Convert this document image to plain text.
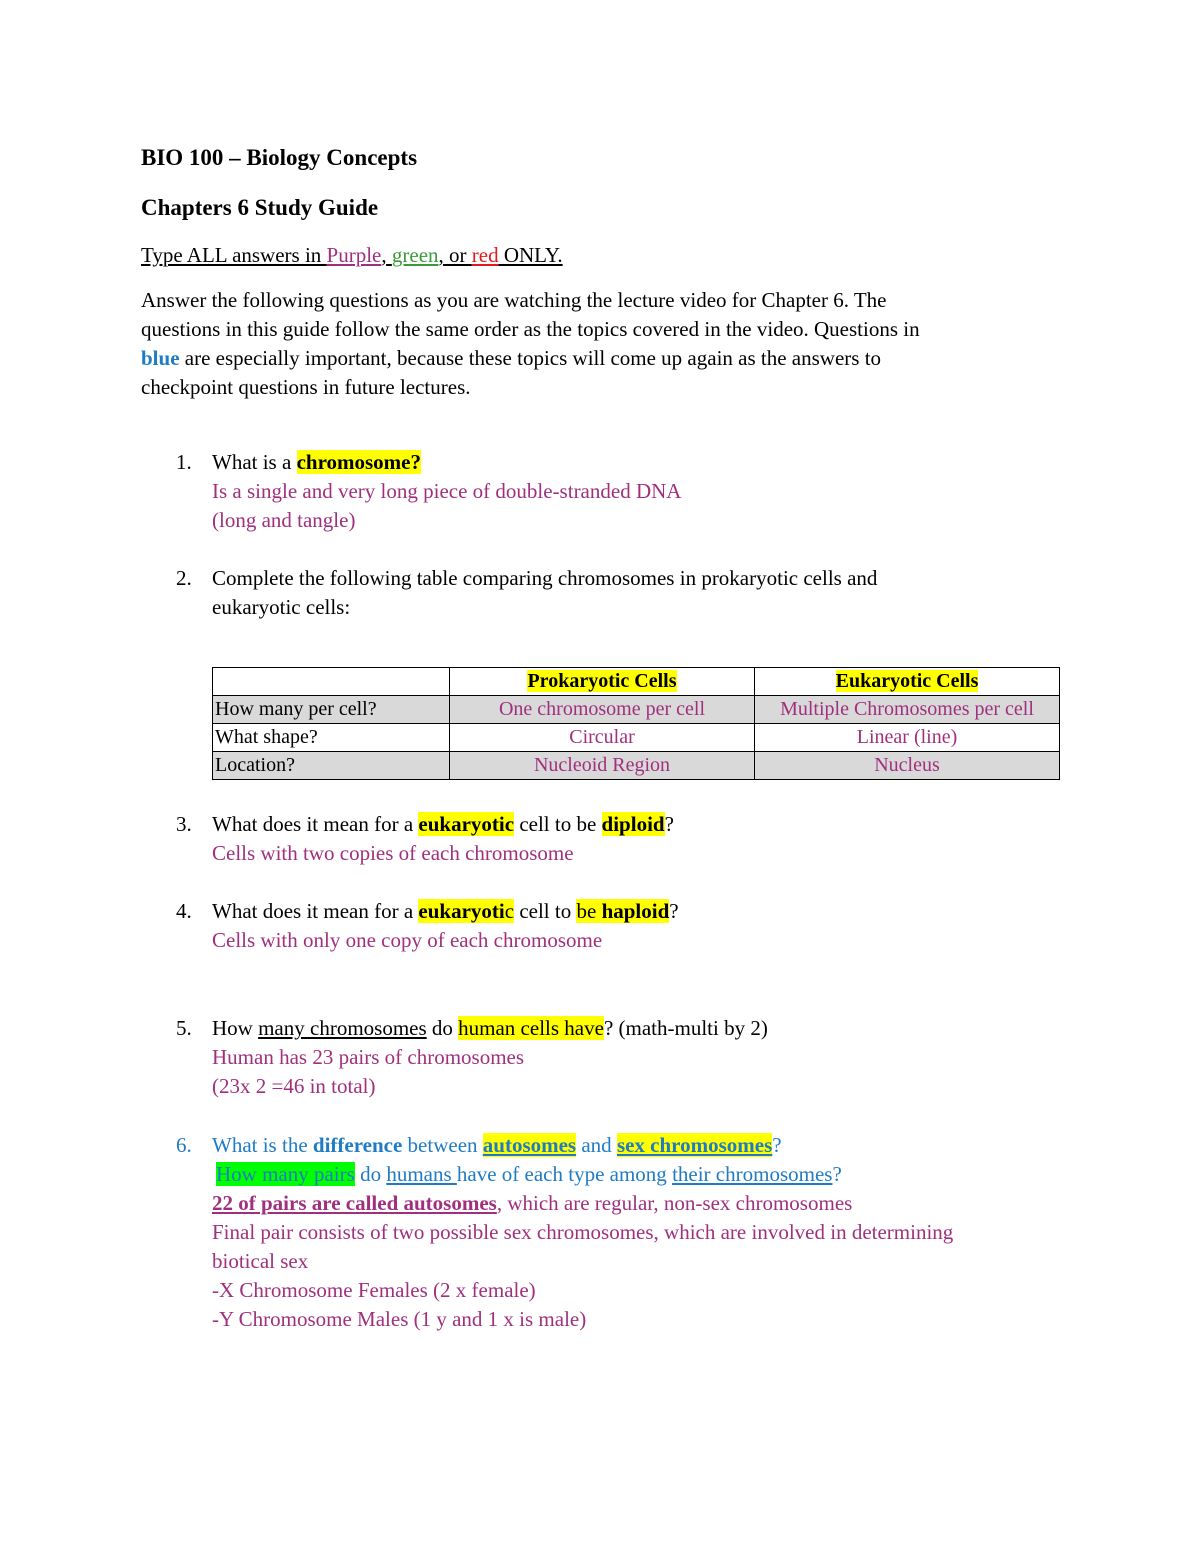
BIO 100 – Biology Concepts
Chapters 6 Study Guide
Type ALL answers in Purple, green, or red ONLY.
Answer the following questions as you are watching the lecture video for Chapter 6. The
questions in this guide follow the same order as the topics covered in the video. Questions in
blue are especially important, because these topics will come up again as the answers to
checkpoint questions in future lectures.
1. What is a chromosome?
Is a single and very long piece of double-stranded DNA
(long and tangle)
2. Complete the following table comparing chromosomes in prokaryotic cells and
eukaryotic cells:
	Prokaryotic Cells	Eukaryotic Cells
How many per cell?	One chromosome per cell	Multiple Chromosomes per cell
What shape?	Circular	Linear (line)
Location?	Nucleoid Region	Nucleus
3. What does it mean for a eukaryotic cell to be diploid?
Cells with two copies of each chromosome
4. What does it mean for a eukaryotic cell to be haploid?
Cells with only one copy of each chromosome
5. How many chromosomes do human cells have? (math-multi by 2)
Human has 23 pairs of chromosomes
(23x 2 =46 in total)
6. What is the difference between autosomes and sex chromosomes?
How many pairs do humans have of each type among their chromosomes?
22 of pairs are called autosomes, which are regular, non-sex chromosomes
Final pair consists of two possible sex chromosomes, which are involved in determining
biotical sex
-X Chromosome Females (2 x female)
-Y Chromosome Males (1 y and 1 x is male)
